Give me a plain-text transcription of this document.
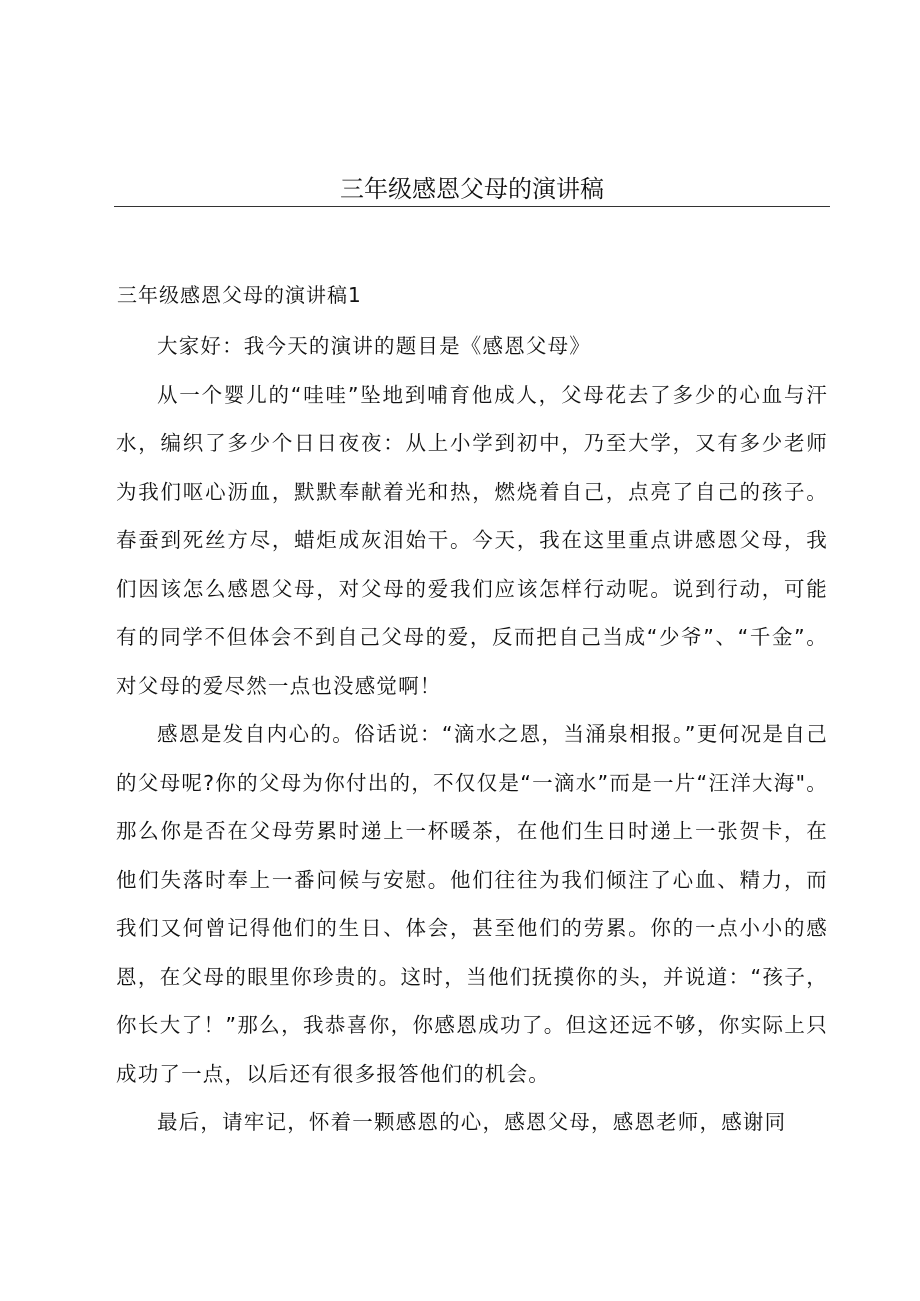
三年级感恩父母的演讲稿
三年级感恩父母的演讲稿1

大家好：我今天的演讲的题目是《感恩父母》

从一个婴儿的“哇哇”坠地到哺育他成人，父母花去了多少的心血与汗水，编织了多少个日日夜夜：从上小学到初中，乃至大学，又有多少老师为我们呕心沥血，默默奉献着光和热，燃烧着自己，点亮了自己的孩子。春蚕到死丝方尽，蜡炬成灰泪始干。今天，我在这里重点讲感恩父母，我们因该怎么感恩父母，对父母的爱我们应该怎样行动呢。说到行动，可能有的同学不但体会不到自己父母的爱，反而把自己当成“少爷”、“千金”。对父母的爱尽然一点也没感觉啊！

感恩是发自内心的。俗话说：“滴水之恩，当涌泉相报。”更何况是自己的父母呢?你的父母为你付出的，不仅仅是“一滴水”而是一片“汪洋大海"。那么你是否在父母劳累时递上一杯暖茶，在他们生日时递上一张贺卡，在他们失落时奉上一番问候与安慰。他们往往为我们倾注了心血、精力，而我们又何曾记得他们的生日、体会，甚至他们的劳累。你的一点小小的感恩，在父母的眼里你珍贵的。这时，当他们抚摸你的头，并说道：“孩子，你长大了！”那么，我恭喜你，你感恩成功了。但这还远不够，你实际上只成功了一点，以后还有很多报答他们的机会。

最后，请牢记，怀着一颗感恩的心，感恩父母，感恩老师，感谢同
